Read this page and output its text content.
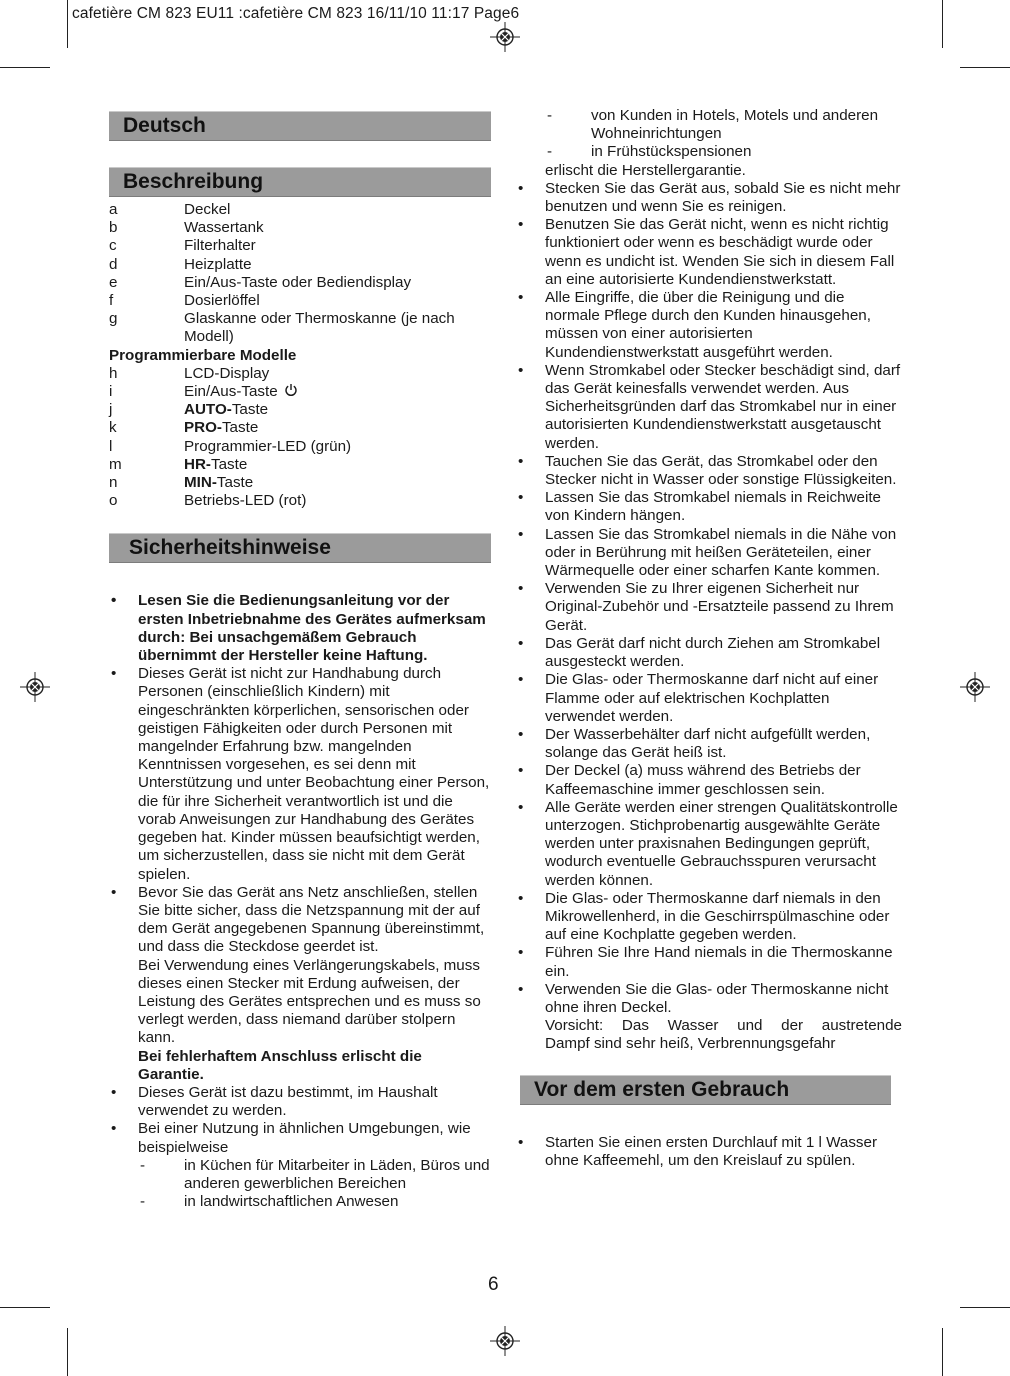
cafetière CM 823 EU11 :cafetière CM 823 16/11/10 11:17 Page6
Deutsch
Beschreibung
a	Deckel
b	Wassertank
c	Filterhalter
d	Heizplatte
e	Ein/Aus-Taste oder Bediendisplay
f	Dosierlöffel
g	Glaskanne oder Thermoskanne (je nach Modell)
Programmierbare Modelle
h	LCD-Display
i	Ein/Aus-Taste
j	AUTO-Taste
k	PRO-Taste
l	Programmier-LED (grün)
m	HR-Taste
n	MIN-Taste
o	Betriebs-LED (rot)
Sicherheitshinweise
• Lesen Sie die Bedienungsanleitung vor der ersten Inbetriebnahme des Gerätes aufmerksam durch: Bei unsachgemäßem Gebrauch übernimmt der Hersteller keine Haftung.
• Dieses Gerät ist nicht zur Handhabung durch Personen (einschließlich Kindern) mit eingeschränkten körperlichen, sensorischen oder geistigen Fähigkeiten oder durch Personen mit mangelnder Erfahrung bzw. mangelnden Kenntnissen vorgesehen, es sei denn mit Unterstützung und unter Beobachtung einer Person, die für ihre Sicherheit verantwortlich ist und die vorab Anweisungen zur Handhabung des Gerätes gegeben hat. Kinder müssen beaufsichtigt werden, um sicherzustellen, dass sie nicht mit dem Gerät spielen.
• Bevor Sie das Gerät ans Netz anschließen, stellen Sie bitte sicher, dass die Netzspannung mit der auf dem Gerät angegebenen Spannung übereinstimmt, und dass die Steckdose geerdet ist.
Bei Verwendung eines Verlängerungskabels, muss dieses einen Stecker mit Erdung aufweisen, der Leistung des Gerätes entsprechen und es muss so verlegt werden, dass niemand darüber stolpern kann.
Bei fehlerhaftem Anschluss erlischt die Garantie.
• Dieses Gerät ist dazu bestimmt, im Haushalt verwendet zu werden.
• Bei einer Nutzung in ähnlichen Umgebungen, wie beispielweise
- in Küchen für Mitarbeiter in Läden, Büros und anderen gewerblichen Bereichen
- in landwirtschaftlichen Anwesen
- von Kunden in Hotels, Motels und anderen Wohneinrichtungen
- in Frühstückspensionen
erlischt die Herstellergarantie.
• Stecken Sie das Gerät aus, sobald Sie es nicht mehr benutzen und wenn Sie es reinigen.
• Benutzen Sie das Gerät nicht, wenn es nicht richtig funktioniert oder wenn es beschädigt wurde oder wenn es undicht ist. Wenden Sie sich in diesem Fall an eine autorisierte Kundendienstwerkstatt.
• Alle Eingriffe, die über die Reinigung und die normale Pflege durch den Kunden hinausgehen, müssen von einer autorisierten Kundendienstwerkstatt ausgeführt werden.
• Wenn Stromkabel oder Stecker beschädigt sind, darf das Gerät keinesfalls verwendet werden. Aus Sicherheitsgründen darf das Stromkabel nur in einer autorisierten Kundendienstwerkstatt ausgetauscht werden.
• Tauchen Sie das Gerät, das Stromkabel oder den Stecker nicht in Wasser oder sonstige Flüssigkeiten.
• Lassen Sie das Stromkabel niemals in Reichweite von Kindern hängen.
• Lassen Sie das Stromkabel niemals in die Nähe von oder in Berührung mit heißen Geräteteilen, einer Wärmequelle oder einer scharfen Kante kommen.
• Verwenden Sie zu Ihrer eigenen Sicherheit nur Original-Zubehör und -Ersatzteile passend zu Ihrem Gerät.
• Das Gerät darf nicht durch Ziehen am Stromkabel ausgesteckt werden.
• Die Glas- oder Thermoskanne darf nicht auf einer Flamme oder auf elektrischen Kochplatten verwendet werden.
• Der Wasserbehälter darf nicht aufgefüllt werden, solange das Gerät heiß ist.
• Der Deckel (a) muss während des Betriebs der Kaffeemaschine immer geschlossen sein.
• Alle Geräte werden einer strengen Qualitätskontrolle unterzogen. Stichprobenartig ausgewählte Geräte werden unter praxisnahen Bedingungen geprüft, wodurch eventuelle Gebrauchsspuren verursacht werden können.
• Die Glas- oder Thermoskanne darf niemals in den Mikrowellenherd, in die Geschirrspülmaschine oder auf eine Kochplatte gegeben werden.
• Führen Sie Ihre Hand niemals in die Thermoskanne ein.
• Verwenden Sie die Glas- oder Thermoskanne nicht ohne ihren Deckel.
Vorsicht: Das Wasser und der austretende
Dampf sind sehr heiß, Verbrennungsgefahr
Vor dem ersten Gebrauch
• Starten Sie einen ersten Durchlauf mit 1 l Wasser ohne Kaffeemehl, um den Kreislauf zu spülen.
6
